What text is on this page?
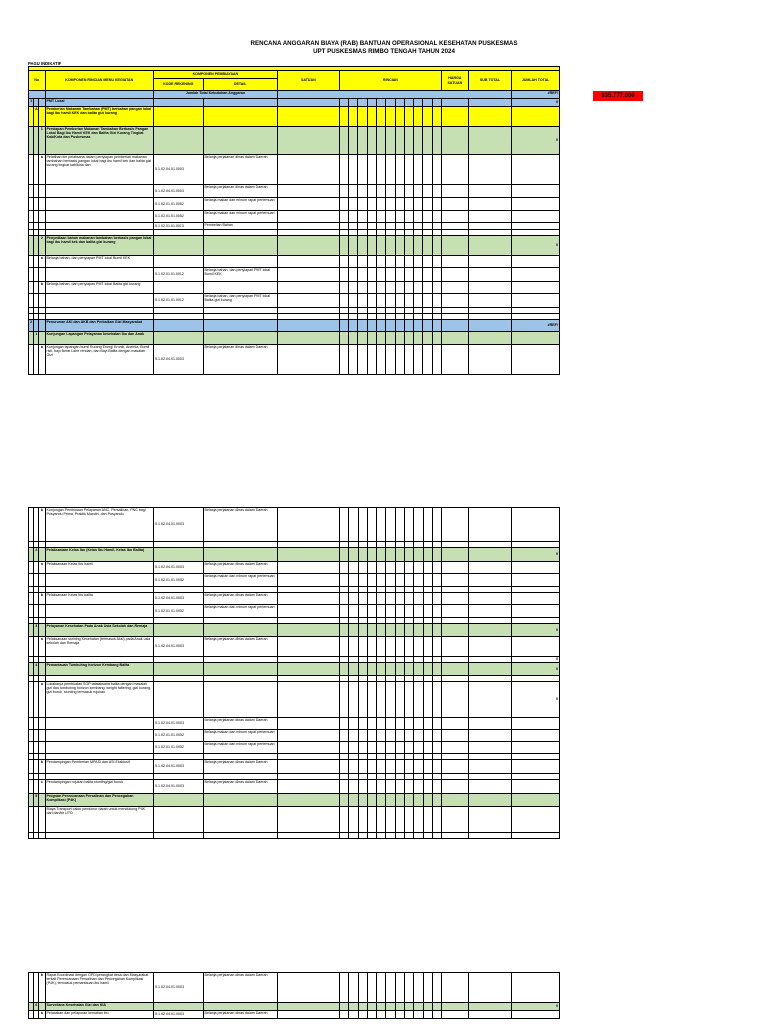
RENCANA ANGGARAN BIAYA (RAB) BANTUAN OPERASIONAL KESEHATAN PUSKESMAS
UPT PUSKESMAS RIMBO TENGAH TAHUN 2024
PAGU INDIKATIF
935.777.000

No			KOMPONEN RINCIAN MENU KEGIATAN	KOMPONEN PEMBIAYAAN		SATUAN	RINCIAN											HARGA SATUAN	SUB TOTAL	JUMLAH TOTAL
				KODE REKENING	DETAIL															
				Jumlah Total Kebutuhan Anggaran																#REF!
1			PMT Lokal																	0
	A		Pemberian Makanan Tambahan (PMT) berbahan pangan lokal bagi ibu hamil KEK dan balita gizi kurang																	
		1	Persiapan Pemberian Makanan Tambahan Berbasis Pangan Lokal Bagi Ibu Hamil KEK dan Balita Gizi Kurang Tingkat Kab/Kota dan Puskesmas																	0
		a	Pelatihan tim pelaksana dalam penyiapan pemberian makanan tambahan berbasis pangan lokal bagi ibu hamil kek dan balita gizi kurang tingkat kab/kota dan	5.1.02.04.01.0003	Belanja perjalanan dinas dalam Daerah															
				5.1.02.04.01.0003	Belanja perjalanan dinas dalam Daerah															
				5.1.02.01.01.0052	Belanja makan dan minum rapat pertemuan															
				5.1.02.01.01.0052	Belanja makan dan minum rapat pertemuan															
				5.1.02.01.01.0013	Pembelian Bahan															

		2	Penyediaan bahan makanan tambahan berbasis pangan lokal bagi ibu hamil kek dan balita gizi kurang																	0
		a	Belanja bahan, dan penyiapan PMT lokal Bumil KEK																	
				5.1.02.01.01.0012	Belanja bahan, dan penyiapan PMT lokal Bumil KEK															
		b	Belanja bahan, dan penyiapan PMT lokal Balita gizi kurang																	
				5.1.02.01.01.0012	Belanja bahan, dan penyiapan PMT lokal Balita gizi kurang															

2			Penurunan AKI dan AKB dan Perbaikan Gizi Masyarakat																	#REF!
	1		Kunjungan Lapangan Pelayanan kesehatan Ibu dan Anak																	
		a	Kunjungan lapangan bumil Kurang Energi Kronik, Anemia, Bumil risti, bayi Berat Lahir rendah, dan Bayi Balita dengan masalah Gizi	5.1.02.04.01.0003	Belanja perjalanan dinas dalam Daerah															
		b	Kunjungan Pembinaan Pelayanan ANC, Persalinan, PNC bagi Posyandu Prima, Praktik Mandiri, dan Posyandu	5.1.02.04.01.0003	Belanja perjalanan dinas dalam Daerah															

	2		Pelaksanaan Kelas Ibu (Kelas Ibu Hamil, Kelas Ibu Balita)																	0
		a	Pelaksanaan Kelas Ibu hamil	5.1.02.04.01.0003	Belanja perjalanan dinas dalam Daerah															
				5.1.02.01.01.0052	Belanja makan dan minum rapat pertemuan															

		b	Pelaksanaan Kelas Ibu balita	5.1.02.04.01.0003	Belanja perjalanan dinas dalam Daerah															
				5.1.02.01.01.0052	Belanja makan dan minum rapat pertemuan															

	3		Pelayanan Kesehatan Pada Anak Usia Sekolah dan Remaja																	0
		a	Pelaksanaan skrining Kesehatan (termasuk Aksi) pada Anak usia sekolah dan Remaja	5.1.02.04.01.0003	Belanja perjalanan dinas dalam Daerah															
																				0
	4		Pemantauan Tumbuhng horizon Kembang Balita																	0

		a	Lokakarya pembuatan SOP tatalaksana balita dengan masalah gizi dan tumbuhng horizon kembang: weight faltering, gizi kurang, gizi buruk, stunting termasuk rujukan																	0
				5.1.02.04.01.0003	Belanja perjalanan dinas dalam Daerah															
				5.1.02.01.01.0052	Belanja makan dan minum rapat pertemuan															
				5.1.02.01.01.0052	Belanja makan dan minum rapat pertemuan															

		b	Pendampingan Pemberian MPASI dan ASI Eksklusif	5.1.02.04.01.0003	Belanja perjalanan dinas dalam Daerah															

		c	Pendampingan rujukan balita stunting/gizi buruk	5.1.02.04.01.0003	Belanja perjalanan dinas dalam Daerah															
	5		Program Perencanaan Persalinan dan Pencegahan Komplikasi (P4K)																	
			Biaya Transport calon pendonor darah untuk mendukung P4K dari dan/ke UTD																	

		b	Rapat Koordinasi dengan OPD/perangkat desa dan Masyarakat terkait Perencanaan Persalinan dan Pencegahan Komplikasi (P4K), termasuk pemantauan ibu hamil	5.1.02.04.01.0003	Belanja perjalanan dinas dalam Daerah															
	6		Surveilans Kesehatan Gizi dan KIA																	0
		a	Pelacakan dan pelaporan kematian ibu	5.1.02.04.01.0003	Belanja perjalanan dinas dalam Daerah															
